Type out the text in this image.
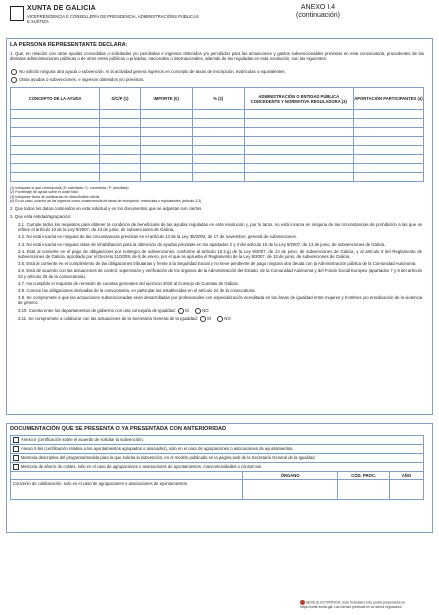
XUNTA DE GALICIA
VICEPRESIDENCIA E CONSELLERÍA DE PRESIDENCIA, ADMINISTRACIÓNS PÚBLICAS E XUSTIZA
ANEXO I.4
(continuación)
LA PERSONA REPRESENTANTE DECLARA:
1. Que, en relación con otras ayudas concedidas o solicitadas y/o percibidas e ingresos obtenidos y/o percibidos para las actuaciones y gastos subvencionables previstos en esta convocatoria, procedentes de las distintas administraciones públicas o de otros entes públicos o privados, nacionales o internacionales, además de las reguladas en esta resolución, son las siguientes:
No solicitó ninguna otra ayuda o subvención, ni la actividad genera ingresos en concepto de tasas de inscripción, matrículas o equivalentes.
Otras ayudas o subvenciones, e ingresos obtenidos y/o previstos.
CONCEPTO DE LA AYUDA	S/C/P (1)	IMPORTE (€)	% (2)	ADMINISTRACIÓN O ENTIDAD PÚBLICA CONCEDENTE Y NORMATIVA REGULADORA (3)	APORTACIÓN PARTICIPANTES (4)

(1) Indíquese lo que corresponda (S: solicitada / C: concedida / P: percibida)
(2) Porcentaje de ayuda sobre el coste total
(3) Indíquese fecha de publicación en diario/boletín oficial
(4) En su caso, cuantía de los ingresos como consecuencia de tasas de inscripción, matrículas o equivalentes (artículo 3.3)
2. Que todos los datos contenidos en esta solicitud y en los documentos que se adjuntan son ciertos.
3. Que esta entidad/agrupación:
3.1. Cumple todos los requisitos para obtener la condición de beneficiaria de las ayudas reguladas en esta resolución y, por lo tanto, no está incursa en ninguna de las circunstancias de prohibición a las que se refiere el artículo 10 de la Ley 9/2007, de 13 de junio, de subvenciones de Galicia.
3.2. No está incursa en ninguna de las circunstancias previstas en el artículo 13 de la Ley 38/2003, de 17 de noviembre, general de subvenciones.
3.3. No está incursa en ninguna clase de inhabilitación para la obtención de ayudas previstas en los apartados 2 y 3 del artículo 10 de la Ley 9/2007, de 13 de junio, de subvenciones de Galicia.
3.4. Está al corriente en el pago de obligaciones por reintegro de subvenciones, conforme al artículo 10.2.g) de la Ley 9/2007, de 13 de junio, de subvenciones de Galicia, y al artículo 9 del Reglamento de subvenciones de Galicia, aprobado por el Decreto 11/2009, de 8 de enero, por el que se aprueba el Reglamento de la Ley 9/2007, de 13 de junio, de subvenciones de Galicia.
3.5. Está al corriente en el cumplimiento de las obligaciones tributarias y frente a la Seguridad Social y no tiene pendiente de pago ninguna otra deuda con la Administración pública de la Comunidad Autónoma.
3.6. Está de acuerdo con las actuaciones de control, supervisión y verificación de los órganos de la Administración del Estado, de la Comunidad Autónoma y del Fondo Social Europeo (apartados 7 y 8 del artículo 22 y artículo 25 de la convocatoria).
3.7. Ha cumplido el requisito de remisión de cuentas generales del ejercicio 2018 al Consejo de Cuentas de Galicia.
3.8. Conoce las obligaciones derivadas de la convocatoria, en particular las establecidas en el artículo 22 de la convocatoria.
3.9. Se compromete a que las actuaciones subvencionadas sean desarrolladas por profesionales con especialización acreditada en las áreas de igualdad entre mujeres y hombres y/o erradicación de la violencia de género.
3.10. Cuenta entre los departamentos de gobierno con una concejalía de igualdad: SÍ	NO
3.11. Se compromete a colaborar con las actuaciones de la Secretaría General de la Igualdad: SÍ	NO
DOCUMENTACIÓN QUE SE PRESENTA O YA PRESENTADA CON ANTERIORIDAD
Anexo II (certificación sobre el acuerdo de solicitar la subvención).			
Anexo II-bis (certificación relativa a los ayuntamientos agrupados o asociados), solo en el caso de agrupaciones o asociaciones de ayuntamientos.			
Memoria descriptiva del programa/medida para la que solicita la subvención, en el modelo publicado en la página web de la Secretaría General de la Igualdad			
Memoria de ahorro de costes, solo en el caso de agrupaciones o asociaciones de ayuntamientos, mancomunidades o consorcios.			
	ÓRGANO	CÓD. PROC.	AÑO
Convenio de colaboración, solo en el caso de agrupaciones o asociaciones de ayuntamientos.			
SEDE ELECTRÓNICA: Este formulario solo podrá presentarse en https://sede.xunta.gal. Las formas previstas en la norma reguladora.
